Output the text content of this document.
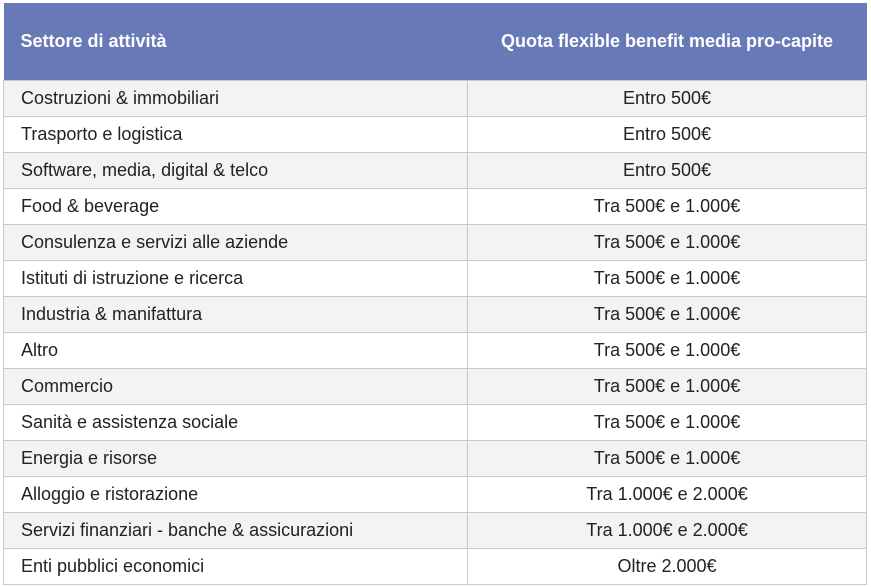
Settore di attività	Quota flexible benefit media pro-capite
Costruzioni & immobiliari	Entro 500€
Trasporto e logistica	Entro 500€
Software, media, digital & telco	Entro 500€
Food & beverage	Tra 500€ e 1.000€
Consulenza e servizi alle aziende	Tra 500€ e 1.000€
Istituti di istruzione e ricerca	Tra 500€ e 1.000€
Industria & manifattura	Tra 500€ e 1.000€
Altro	Tra 500€ e 1.000€
Commercio	Tra 500€ e 1.000€
Sanità e assistenza sociale	Tra 500€ e 1.000€
Energia e risorse	Tra 500€ e 1.000€
Alloggio e ristorazione	Tra 1.000€ e 2.000€
Servizi finanziari - banche & assicurazioni	Tra 1.000€ e 2.000€
Enti pubblici economici	Oltre 2.000€
